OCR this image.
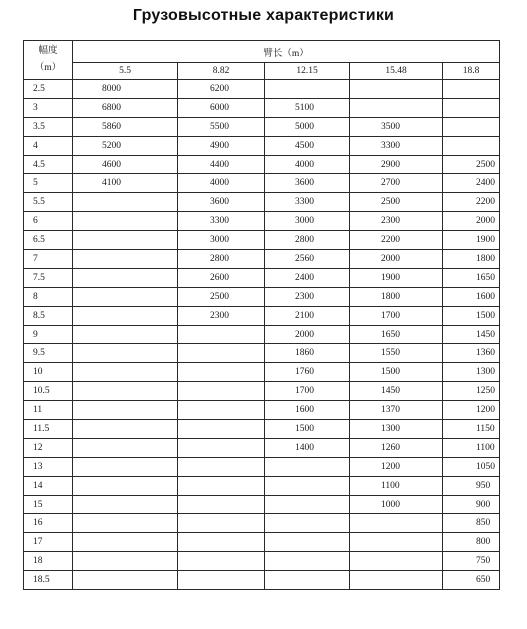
Грузовысотные характеристики
幅度
（m）	臂长（m）				
	5.5	8.82	12.15	15.48	18.8
2.5	8000	6200			
3	6800	6000	5100		
3.5	5860	5500	5000	3500	
4	5200	4900	4500	3300	
4.5	4600	4400	4000	2900	2500
5	4100	4000	3600	2700	2400
5.5		3600	3300	2500	2200
6		3300	3000	2300	2000
6.5		3000	2800	2200	1900
7		2800	2560	2000	1800
7.5		2600	2400	1900	1650
8		2500	2300	1800	1600
8.5		2300	2100	1700	1500
9			2000	1650	1450
9.5			1860	1550	1360
10			1760	1500	1300
10.5			1700	1450	1250
11			1600	1370	1200
11.5			1500	1300	1150
12			1400	1260	1100
13				1200	1050
14				1100	950
15				1000	900
16					850
17					800
18					750
18.5					650
